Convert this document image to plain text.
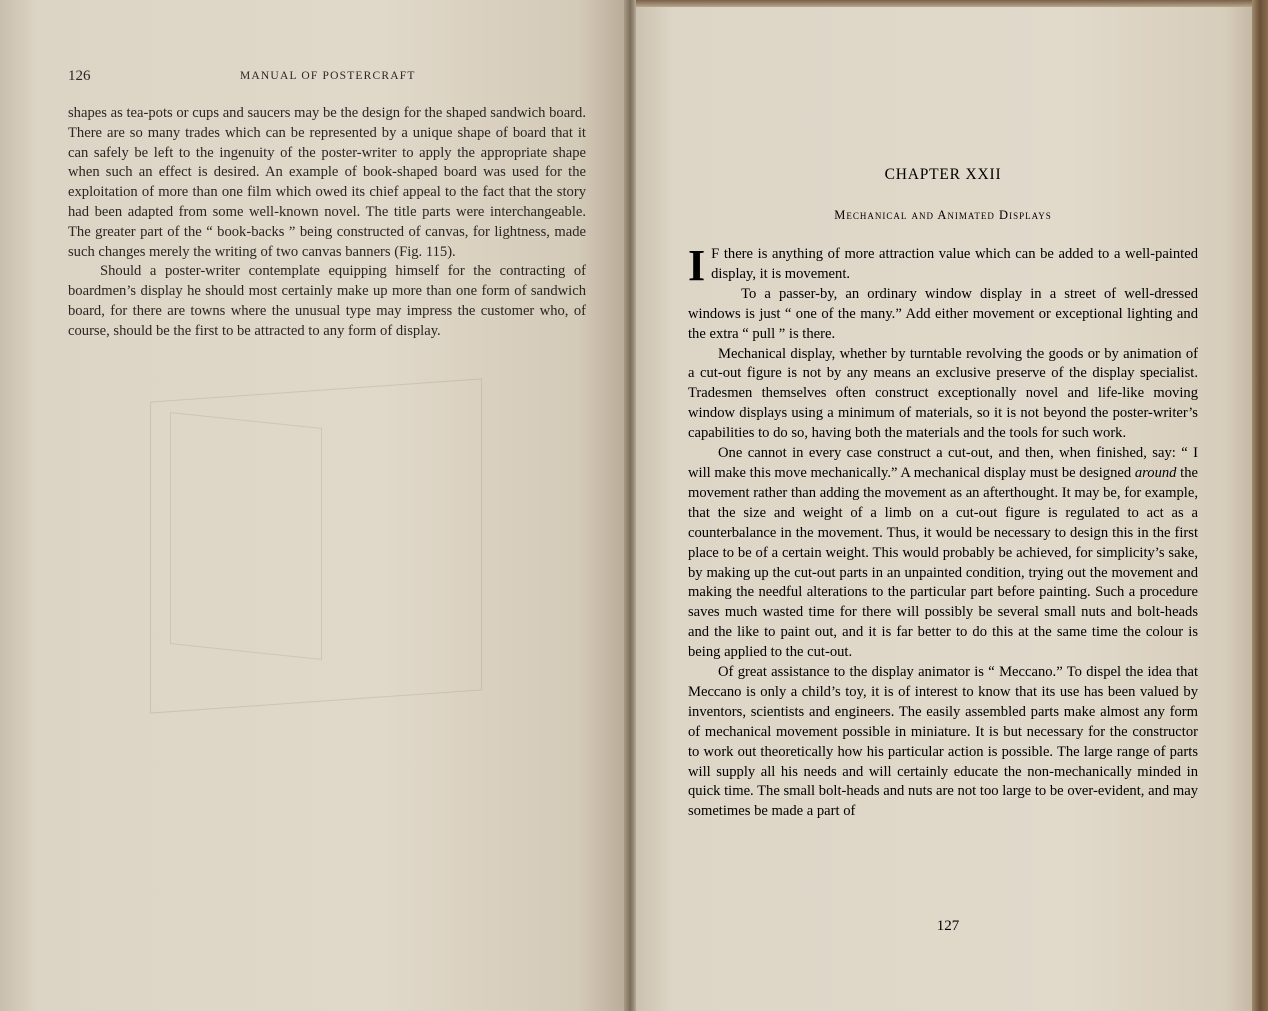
126	MANUAL OF POSTERCRAFT

shapes as tea-pots or cups and saucers may be the design for the shaped sandwich board. There are so many trades which can be represented by a unique shape of board that it can safely be left to the ingenuity of the poster-writer to apply the appropriate shape when such an effect is desired. An example of book-shaped board was used for the exploitation of more than one film which owed its chief appeal to the fact that the story had been adapted from some well-known novel. The title parts were interchangeable. The greater part of the “ book-backs ” being constructed of canvas, for lightness, made such changes merely the writing of two canvas banners (Fig. 115).

Should a poster-writer contemplate equipping himself for the contracting of boardmen’s display he should most certainly make up more than one form of sandwich board, for there are towns where the unusual type may impress the customer who, of course, should be the first to be attracted to any form of display.

CHAPTER XXII
Mechanical and Animated Displays

I F there is anything of more attraction value which can be added to a well-painted display, it is movement.

To a passer-by, an ordinary window display in a street of well-dressed windows is just “ one of the many.” Add either movement or exceptional lighting and the extra “ pull ” is there.

Mechanical display, whether by turntable revolving the goods or by animation of a cut-out figure is not by any means an exclusive preserve of the display specialist. Tradesmen themselves often construct exceptionally novel and life-like moving window displays using a minimum of materials, so it is not beyond the poster-writer’s capabilities to do so, having both the materials and the tools for such work.

One cannot in every case construct a cut-out, and then, when finished, say: “ I will make this move mechanically.” A mechanical display must be designed around the movement rather than adding the movement as an afterthought. It may be, for example, that the size and weight of a limb on a cut-out figure is regulated to act as a counterbalance in the movement. Thus, it would be necessary to design this in the first place to be of a certain weight. This would probably be achieved, for simplicity’s sake, by making up the cut-out parts in an unpainted condition, trying out the movement and making the needful alterations to the particular part before painting. Such a procedure saves much wasted time for there will possibly be several small nuts and bolt-heads and the like to paint out, and it is far better to do this at the same time the colour is being applied to the cut-out.

Of great assistance to the display animator is “ Meccano.” To dispel the idea that Meccano is only a child’s toy, it is of interest to know that its use has been valued by inventors, scientists and engineers. The easily assembled parts make almost any form of mechanical movement possible in miniature. It is but necessary for the constructor to work out theoretically how his particular action is possible. The large range of parts will supply all his needs and will certainly educate the non-mechanically minded in quick time. The small bolt-heads and nuts are not too large to be over-evident, and may sometimes be made a part of

127
